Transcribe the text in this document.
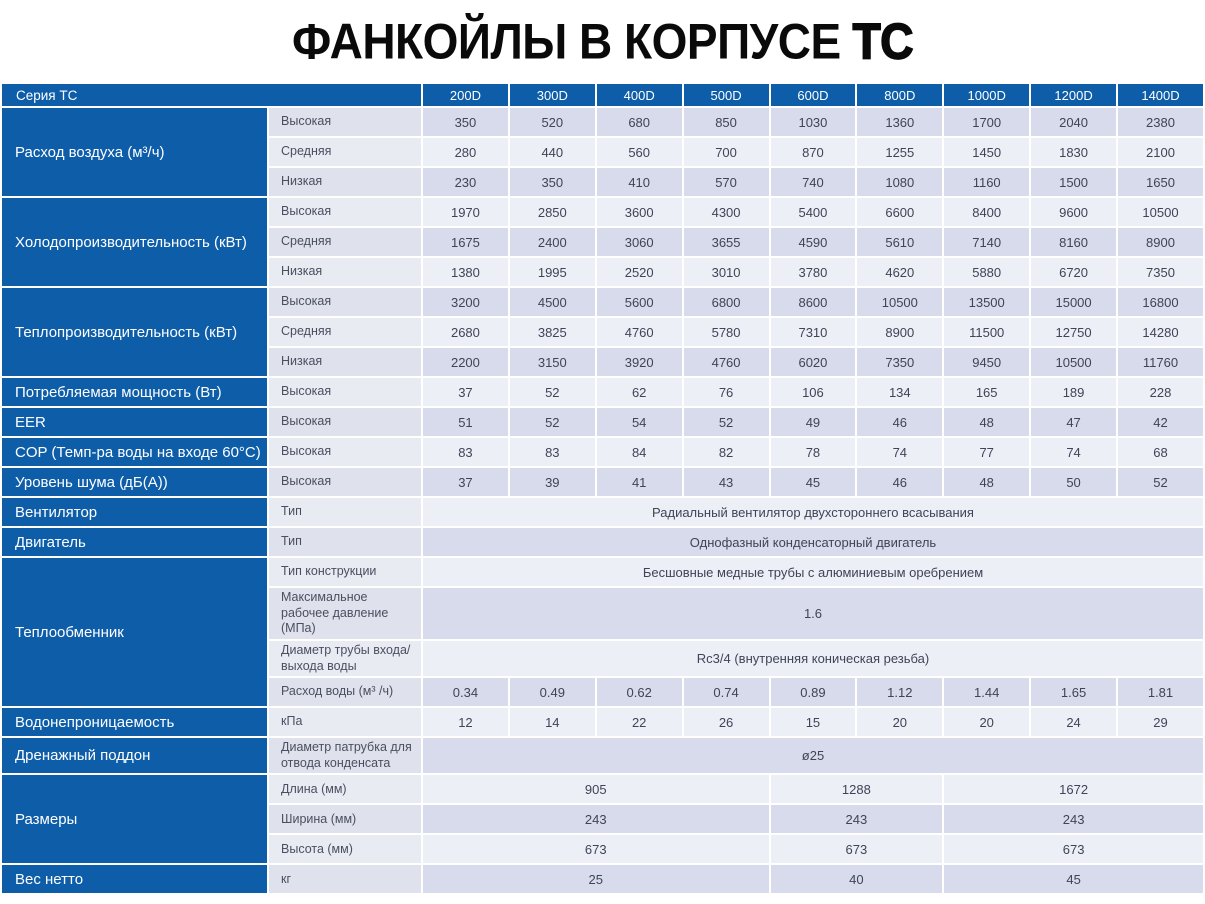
ФАНКОЙЛЫ В КОРПУСЕ ТС
Серия ТС		200D	300D	400D	500D	600D	800D	1000D	1200D	1400D
Расход воздуха (м³/ч)	Высокая	350	520	680	850	1030	1360	1700	2040	2380
	Средняя	280	440	560	700	870	1255	1450	1830	2100
	Низкая	230	350	410	570	740	1080	1160	1500	1650
Холодопроизводительность (кВт)	Высокая	1970	2850	3600	4300	5400	6600	8400	9600	10500
	Средняя	1675	2400	3060	3655	4590	5610	7140	8160	8900
	Низкая	1380	1995	2520	3010	3780	4620	5880	6720	7350
Теплопроизводительность (кВт)	Высокая	3200	4500	5600	6800	8600	10500	13500	15000	16800
	Средняя	2680	3825	4760	5780	7310	8900	11500	12750	14280
	Низкая	2200	3150	3920	4760	6020	7350	9450	10500	11760
Потребляемая мощность (Вт)	Высокая	37	52	62	76	106	134	165	189	228
EER	Высокая	51	52	54	52	49	46	48	47	42
COP (Темп-ра воды на входе 60°С)	Высокая	83	83	84	82	78	74	77	74	68
Уровень шума (дБ(А))	Высокая	37	39	41	43	45	46	48	50	52
Вентилятор	Тип	Радиальный вентилятор двухстороннего всасывания								
Двигатель	Тип	Однофазный конденсаторный двигатель								
Теплообменник	Тип конструкции	Бесшовные медные трубы с алюминиевым оребрением								
	Максимальное рабочее давление (МПа)	1.6								
	Диаметр трубы входа/ выхода воды	Rc3/4 (внутренняя коническая резьба)								
	Расход воды (м³ /ч)	0.34	0.49	0.62	0.74	0.89	1.12	1.44	1.65	1.81
Водонепроницаемость	кПа	12	14	22	26	15	20	20	24	29
Дренажный поддон	Диаметр патрубка для отвода конденсата	ø25								
Размеры	Длина (мм)	905				1288		1672		
	Ширина (мм)	243				243		243		
	Высота (мм)	673				673		673		
Вес нетто	кг	25				40		45		
